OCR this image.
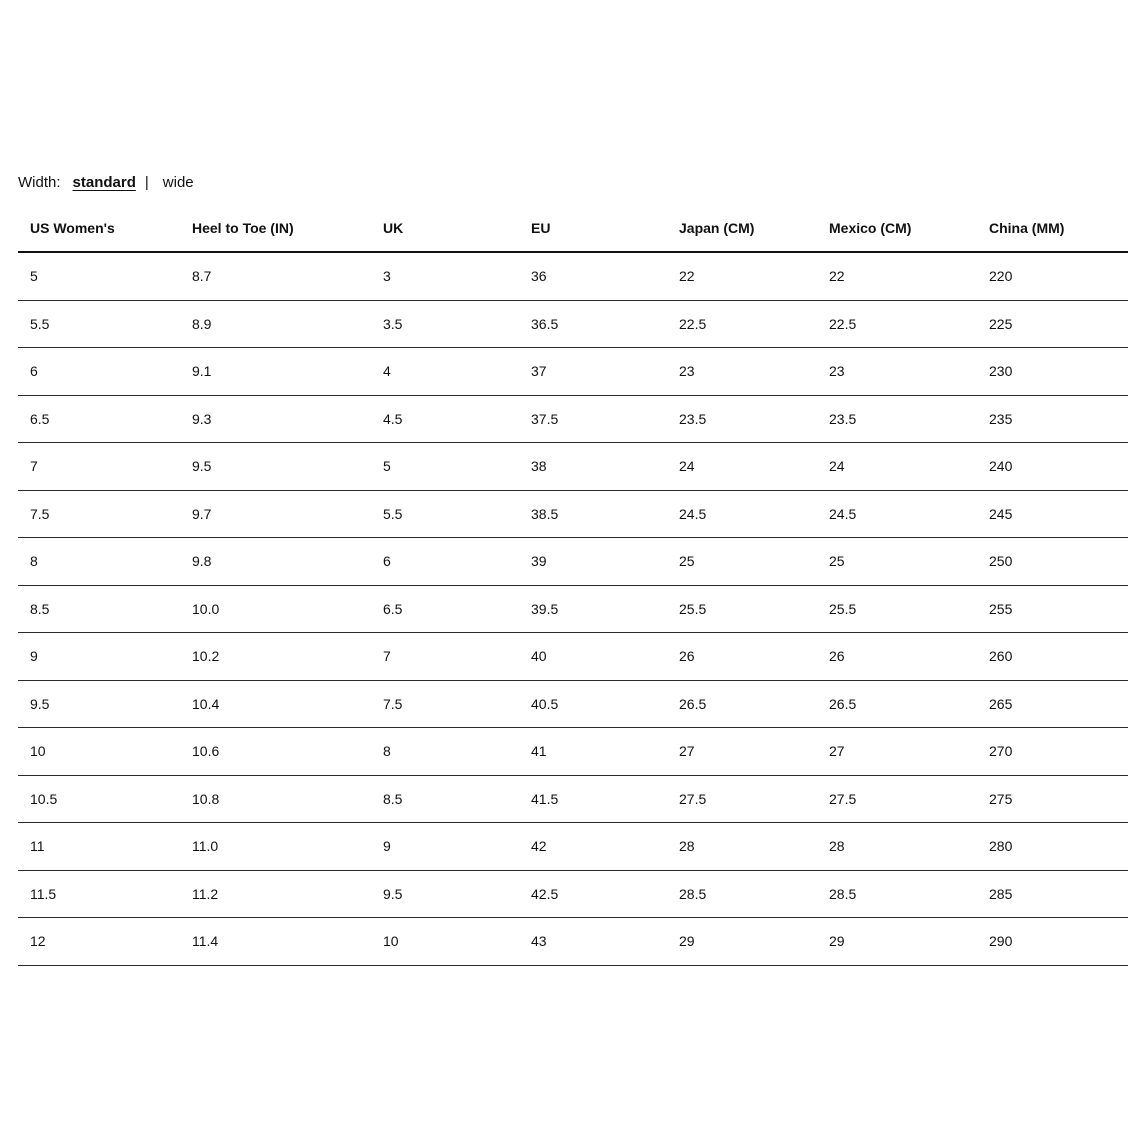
Width: standard | wide
US Women's	Heel to Toe (IN)	UK	EU	Japan (CM)	Mexico (CM)	China (MM)
5	8.7	3	36	22	22	220
5.5	8.9	3.5	36.5	22.5	22.5	225
6	9.1	4	37	23	23	230
6.5	9.3	4.5	37.5	23.5	23.5	235
7	9.5	5	38	24	24	240
7.5	9.7	5.5	38.5	24.5	24.5	245
8	9.8	6	39	25	25	250
8.5	10.0	6.5	39.5	25.5	25.5	255
9	10.2	7	40	26	26	260
9.5	10.4	7.5	40.5	26.5	26.5	265
10	10.6	8	41	27	27	270
10.5	10.8	8.5	41.5	27.5	27.5	275
11	11.0	9	42	28	28	280
11.5	11.2	9.5	42.5	28.5	28.5	285
12	11.4	10	43	29	29	290
